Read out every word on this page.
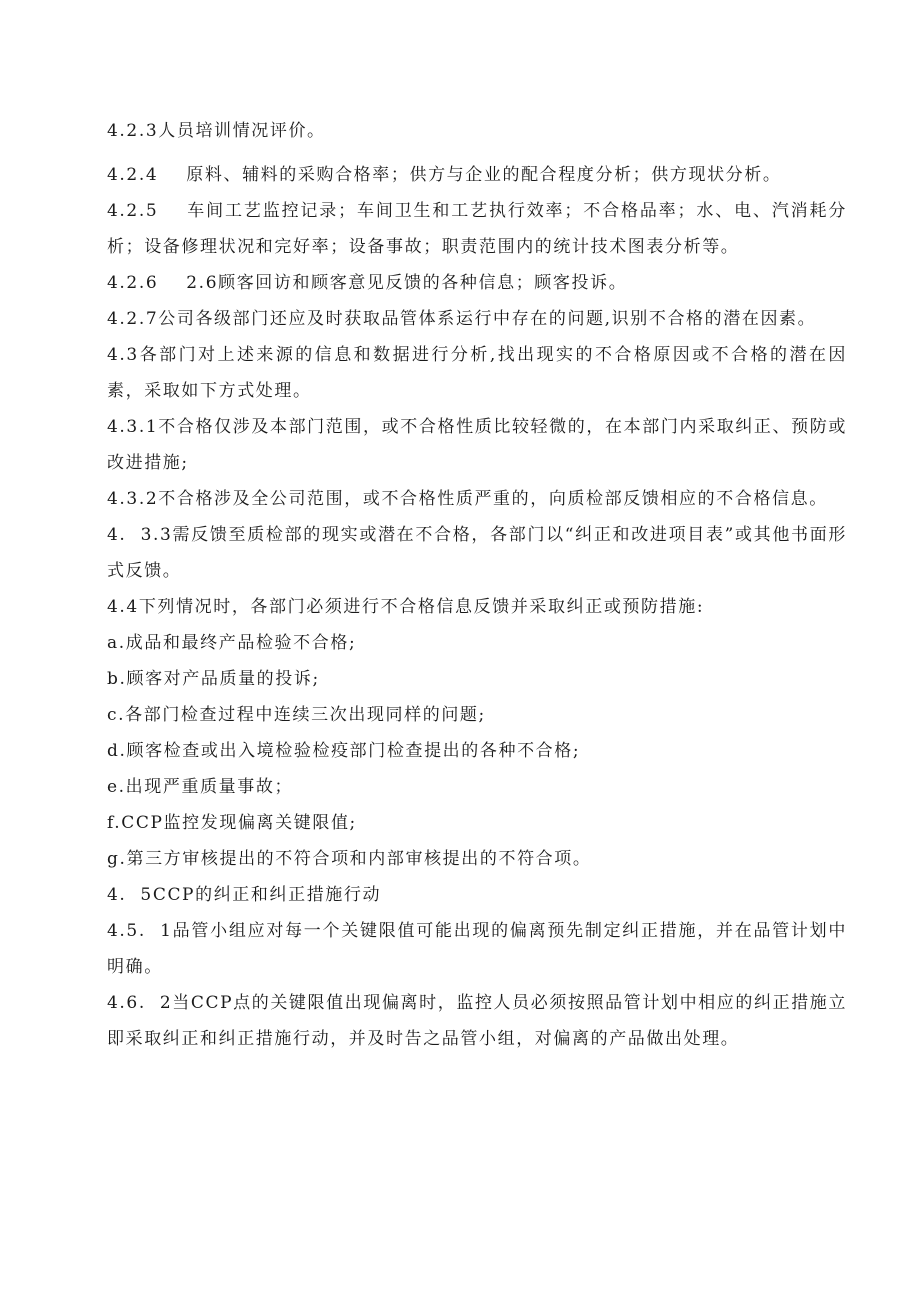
4.2.3人员培训情况评价。

4.2.4    原料、辅料的采购合格率；供方与企业的配合程度分析；供方现状分析。

4.2.5    车间工艺监控记录；车间卫生和工艺执行效率；不合格品率；水、电、汽消耗分析；设备修理状况和完好率；设备事故；职责范围内的统计技术图表分析等。

4.2.6    2.6顾客回访和顾客意见反馈的各种信息；顾客投诉。

4.2.7公司各级部门还应及时获取品管体系运行中存在的问题,识别不合格的潜在因素。

4.3各部门对上述来源的信息和数据进行分析,找出现实的不合格原因或不合格的潜在因素，采取如下方式处理。

4.3.1不合格仅涉及本部门范围，或不合格性质比较轻微的，在本部门内采取纠正、预防或改进措施;

4.3.2不合格涉及全公司范围，或不合格性质严重的，向质检部反馈相应的不合格信息。

4.  3.3需反馈至质检部的现实或潜在不合格，各部门以“纠正和改进项目表”或其他书面形式反馈。

4.4下列情况时，各部门必须进行不合格信息反馈并采取纠正或预防措施:

a.成品和最终产品检验不合格;

b.顾客对产品质量的投诉;

c.各部门检查过程中连续三次出现同样的问题;

d.顾客检查或出入境检验检疫部门检查提出的各种不合格;

e.出现严重质量事故；

f.CCP监控发现偏离关键限值;

g.第三方审核提出的不符合项和内部审核提出的不符合项。

4.  5CCP的纠正和纠正措施行动

4.5.  1品管小组应对每一个关键限值可能出现的偏离预先制定纠正措施，并在品管计划中明确。

4.6.  2当CCP点的关键限值出现偏离时，监控人员必须按照品管计划中相应的纠正措施立即采取纠正和纠正措施行动，并及时告之品管小组，对偏离的产品做出处理。
